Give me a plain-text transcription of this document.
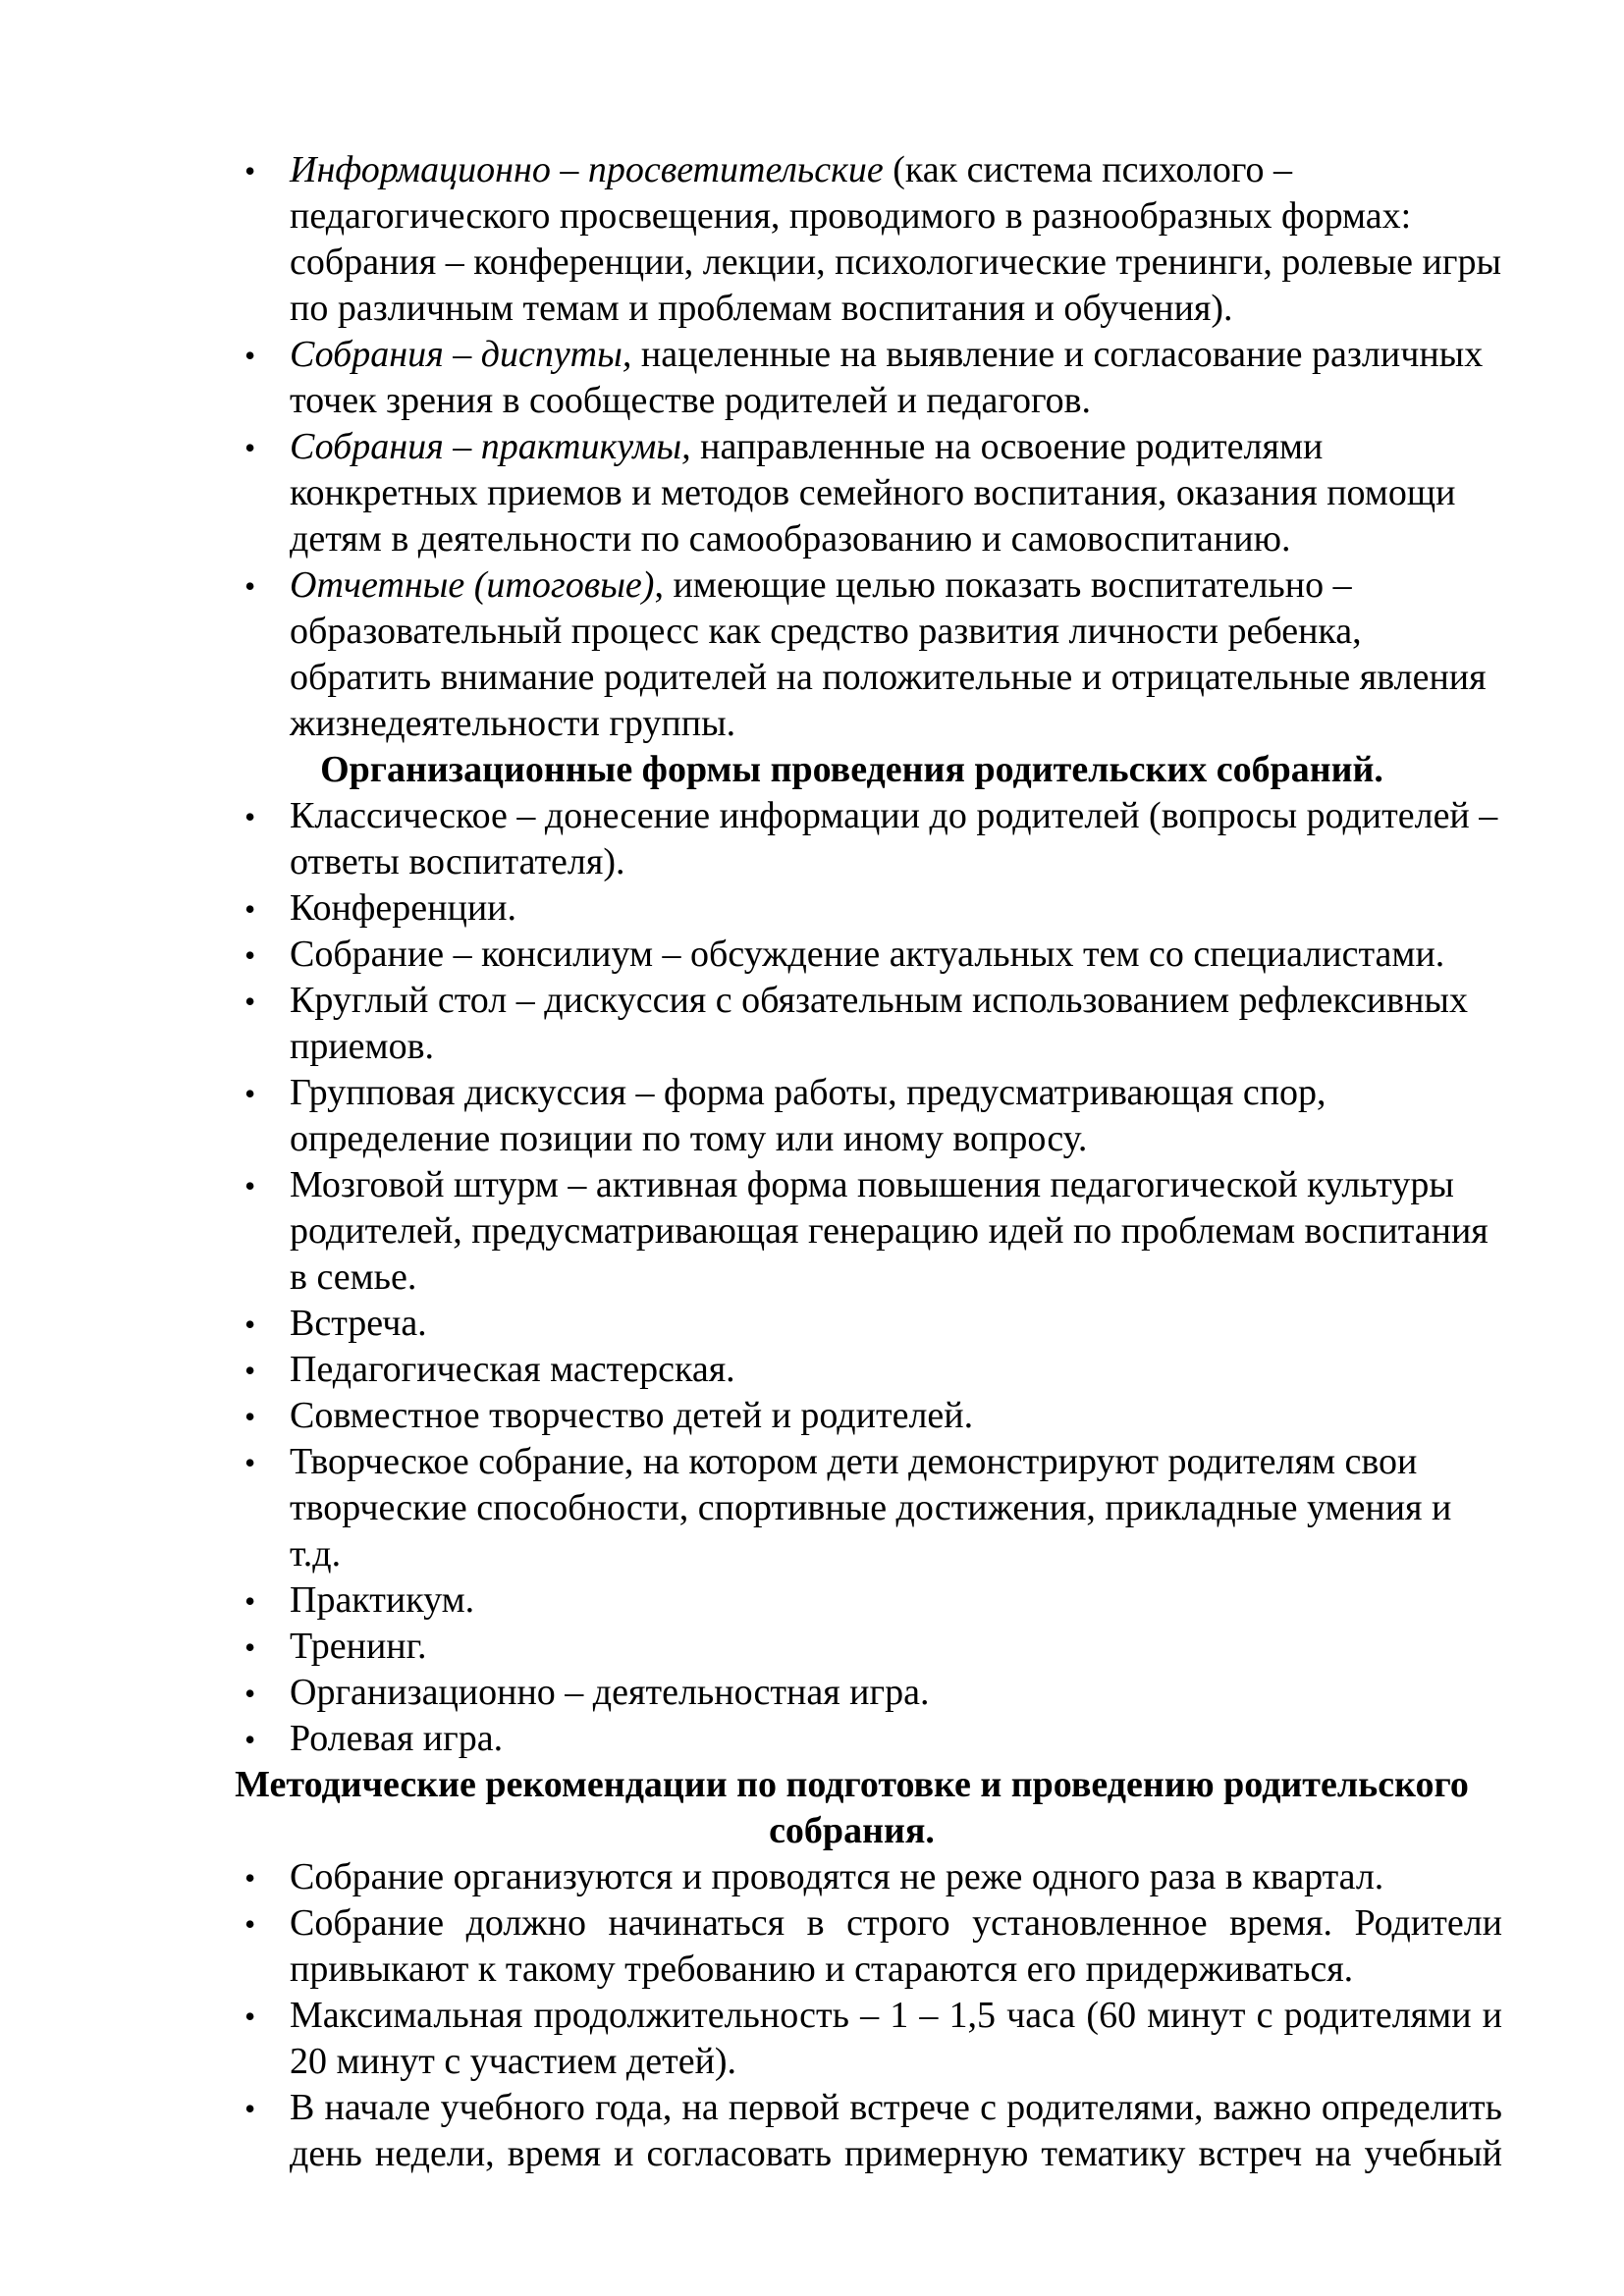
• Информационно – просветительские (как система психолого – педагогического просвещения, проводимого в разнообразных формах: собрания – конференции, лекции, психологические тренинги, ролевые игры по различным темам и проблемам воспитания и обучения).
• Собрания – диспуты, нацеленные на выявление и согласование различных точек зрения в сообществе родителей и педагогов.
• Собрания – практикумы, направленные на освоение родителями конкретных приемов и методов семейного воспитания, оказания помощи детям в деятельности по самообразованию и самовоспитанию.
• Отчетные (итоговые), имеющие целью показать воспитательно – образовательный процесс как средство развития личности ребенка, обратить внимание родителей на положительные и отрицательные явления жизнедеятельности группы.

Организационные формы проведения родительских собраний.

• Классическое – донесение информации до родителей (вопросы родителей – ответы воспитателя).
• Конференции.
• Собрание – консилиум – обсуждение актуальных тем со специалистами.
• Круглый стол – дискуссия с обязательным использованием рефлексивных приемов.
• Групповая дискуссия – форма работы, предусматривающая спор, определение позиции по тому или иному вопросу.
• Мозговой штурм – активная форма повышения педагогической культуры родителей, предусматривающая генерацию идей по проблемам воспитания в семье.
• Встреча.
• Педагогическая мастерская.
• Совместное творчество детей и родителей.
• Творческое собрание, на котором дети демонстрируют родителям свои творческие способности, спортивные достижения, прикладные умения и т.д.
• Практикум.
• Тренинг.
• Организационно – деятельностная игра.
• Ролевая игра.

Методические рекомендации по подготовке и проведению родительского собрания.

• Собрание организуются и проводятся не реже одного раза в квартал.
• Собрание должно начинаться в строго установленное время. Родители привыкают к такому требованию и стараются его придерживаться.
• Максимальная продолжительность – 1 – 1,5 часа (60 минут с родителями и 20 минут с участием детей).
• В начале учебного года, на первой встрече с родителями, важно определить день недели, время и согласовать примерную тематику встреч на учебный
